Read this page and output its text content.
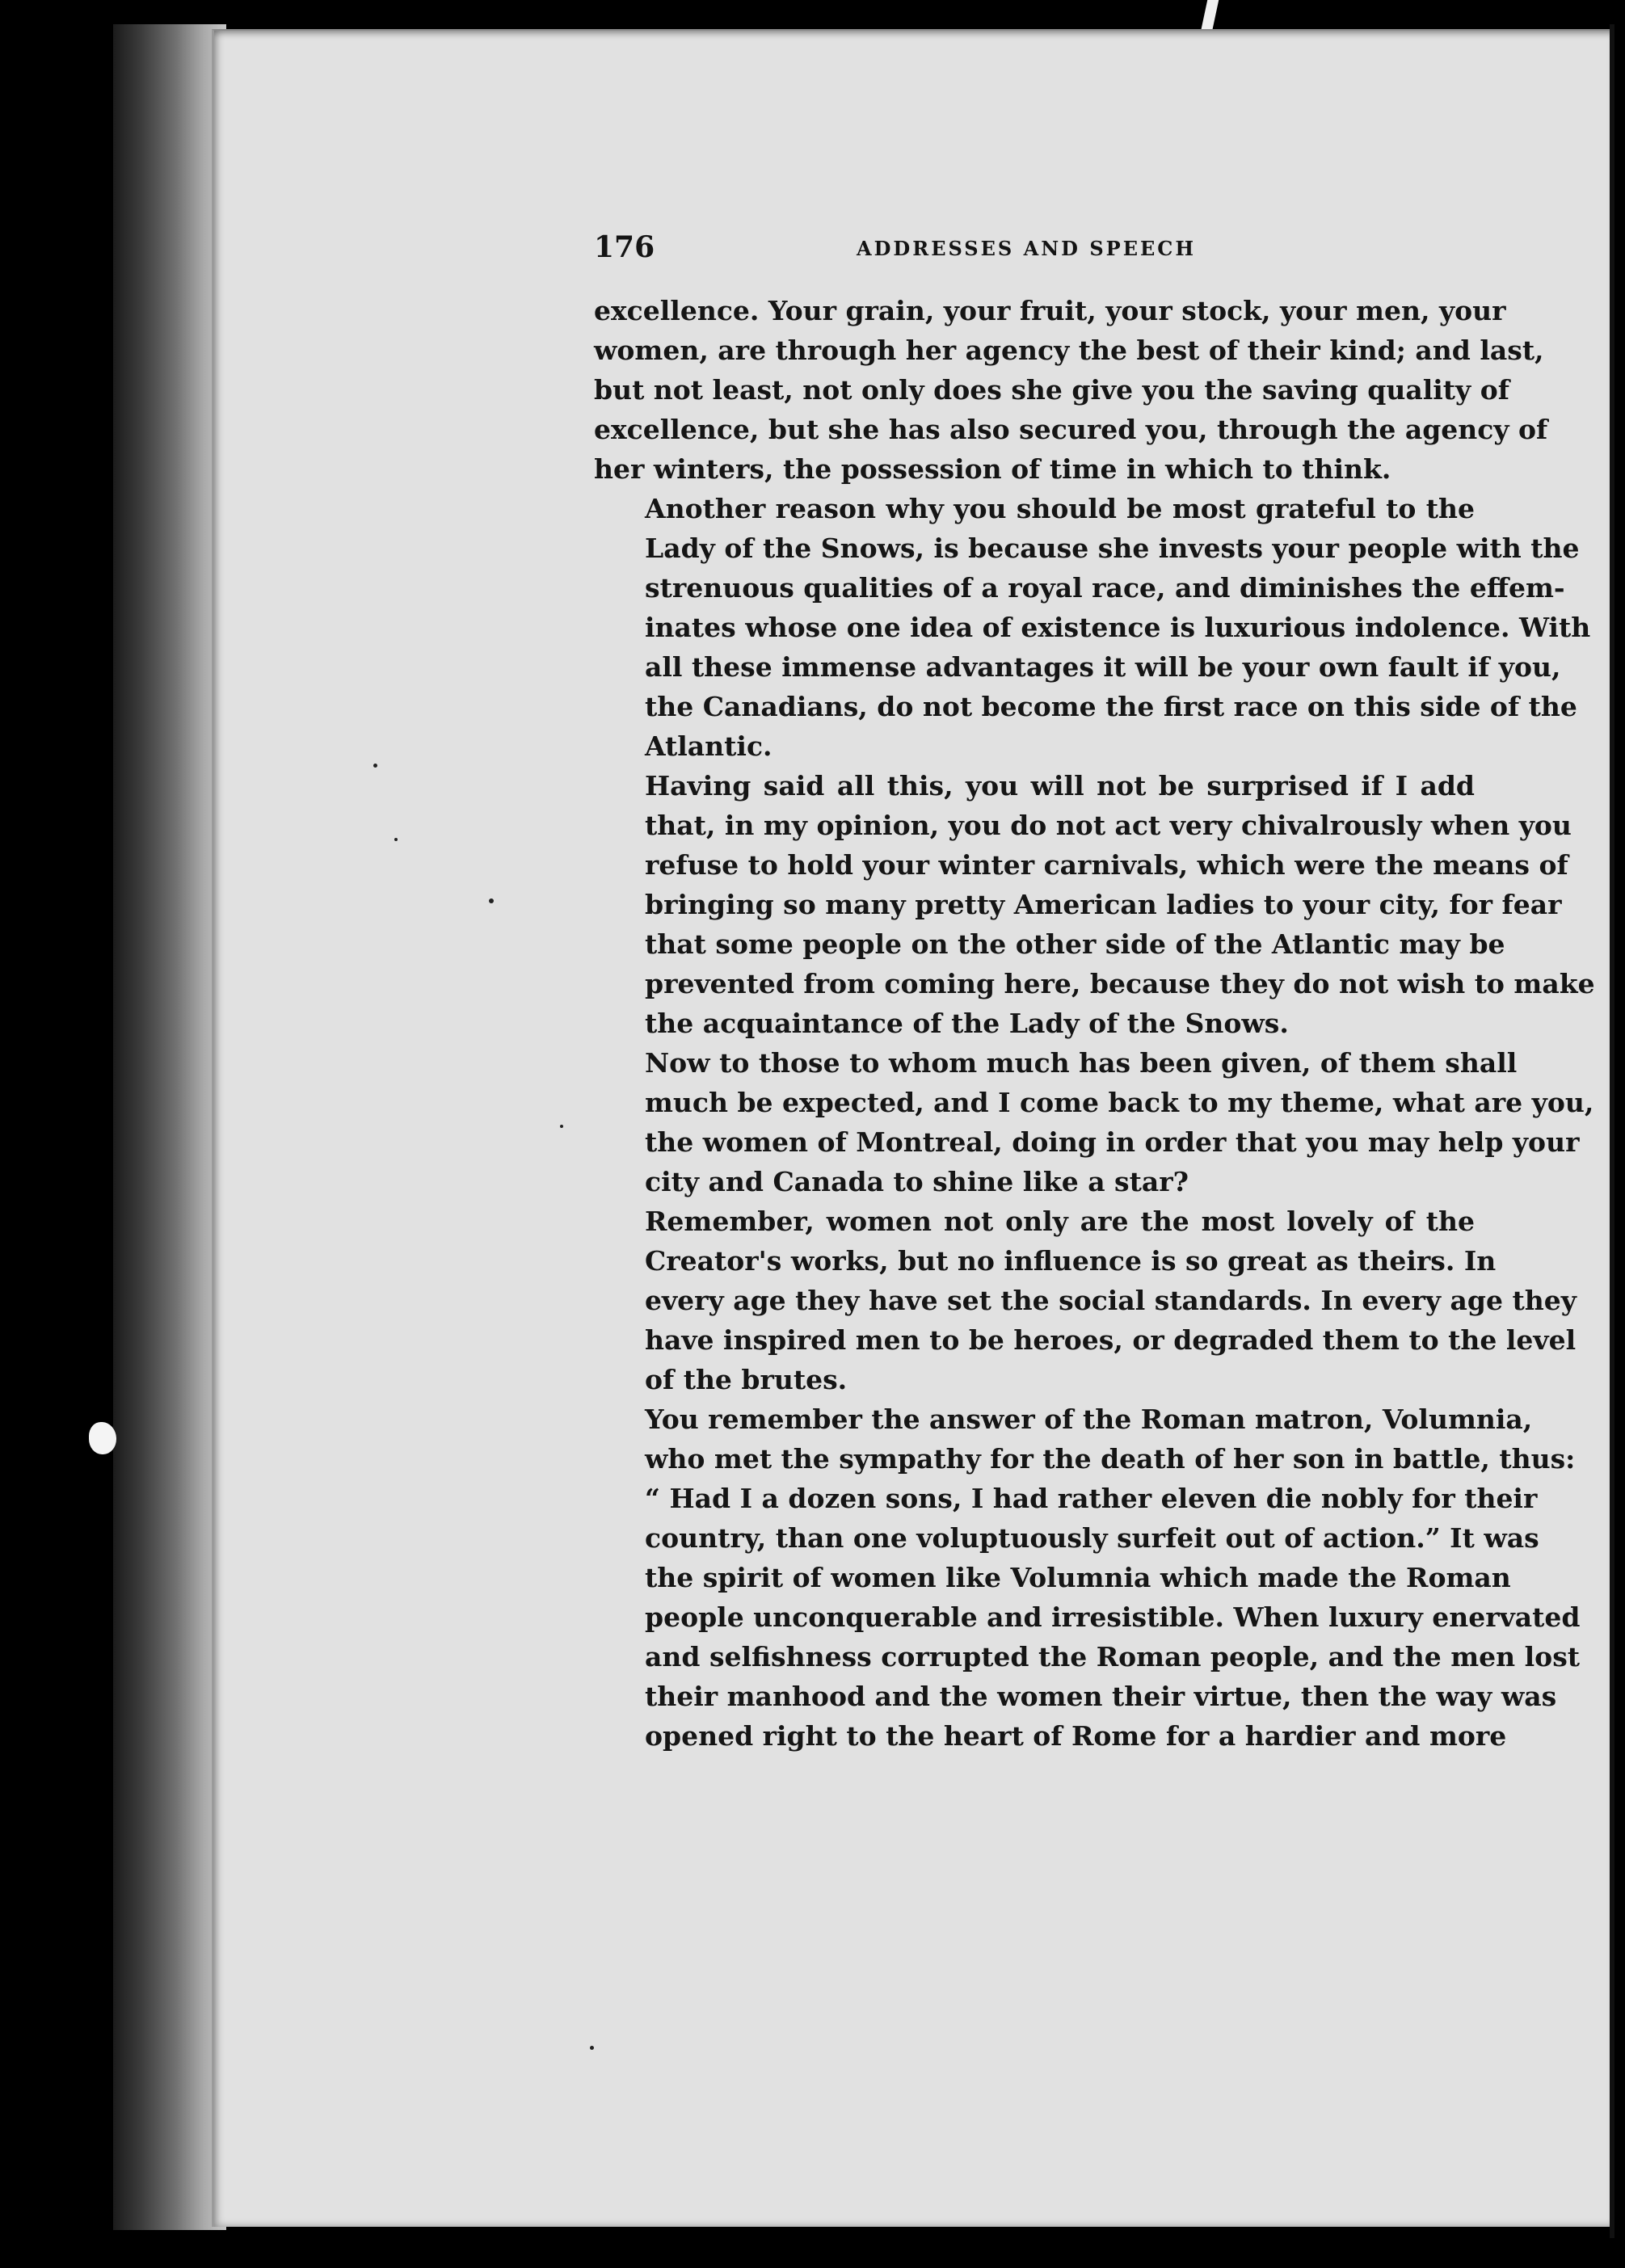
176	ADDRESSES AND SPEECH

excellence. Your grain, your fruit, your stock, your men, your
women, are through her agency the best of their kind; and last,
but not least, not only does she give you the saving quality of
excellence, but she has also secured you, through the agency of
her winters, the possession of time in which to think.

Another reason why you should be most grateful to the
Lady of the Snows, is because she invests your people with the
strenuous qualities of a royal race, and diminishes the effem-
inates whose one idea of existence is luxurious indolence. With
all these immense advantages it will be your own fault if you,
the Canadians, do not become the first race on this side of the
Atlantic.

Having said all this, you will not be surprised if I add
that, in my opinion, you do not act very chivalrously when you
refuse to hold your winter carnivals, which were the means of
bringing so many pretty American ladies to your city, for fear
that some people on the other side of the Atlantic may be
prevented from coming here, because they do not wish to make
the acquaintance of the Lady of the Snows.

Now to those to whom much has been given, of them shall
much be expected, and I come back to my theme, what are you,
the women of Montreal, doing in order that you may help your
city and Canada to shine like a star?

Remember, women not only are the most lovely of the
Creator's works, but no influence is so great as theirs. In
every age they have set the social standards. In every age they
have inspired men to be heroes, or degraded them to the level
of the brutes.

You remember the answer of the Roman matron, Volumnia,
who met the sympathy for the death of her son in battle, thus:
“ Had I a dozen sons, I had rather eleven die nobly for their
country, than one voluptuously surfeit out of action.” It was
the spirit of women like Volumnia which made the Roman
people unconquerable and irresistible. When luxury enervated
and selfishness corrupted the Roman people, and the men lost
their manhood and the women their virtue, then the way was
opened right to the heart of Rome for a hardier and more
